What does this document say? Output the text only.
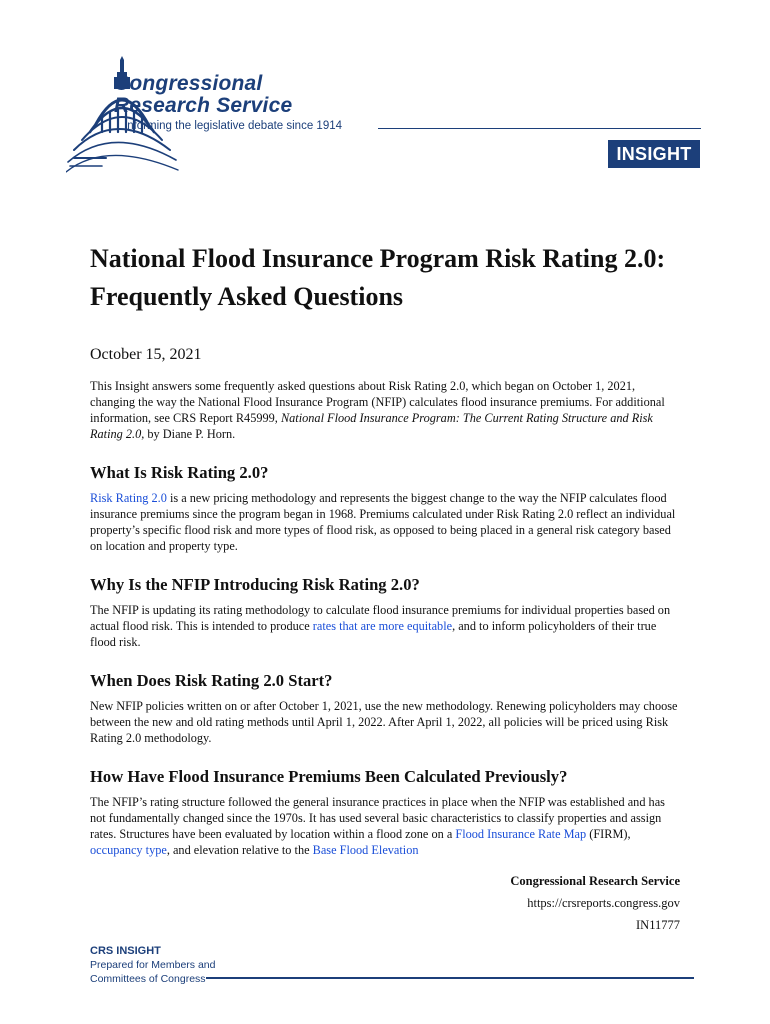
Congressional
Research Service
Informing the legislative debate since 1914
INSIGHT
National Flood Insurance Program Risk Rating 2.0: Frequently Asked Questions
October 15, 2021

This Insight answers some frequently asked questions about Risk Rating 2.0, which began on October 1, 2021, changing the way the National Flood Insurance Program (NFIP) calculates flood insurance premiums. For additional information, see CRS Report R45999, National Flood Insurance Program: The Current Rating Structure and Risk Rating 2.0, by Diane P. Horn.

What Is Risk Rating 2.0?

Risk Rating 2.0 is a new pricing methodology and represents the biggest change to the way the NFIP calculates flood insurance premiums since the program began in 1968. Premiums calculated under Risk Rating 2.0 reflect an individual property’s specific flood risk and more types of flood risk, as opposed to being placed in a general risk category based on location and property type.

Why Is the NFIP Introducing Risk Rating 2.0?

The NFIP is updating its rating methodology to calculate flood insurance premiums for individual properties based on actual flood risk. This is intended to produce rates that are more equitable, and to inform policyholders of their true flood risk.

When Does Risk Rating 2.0 Start?

New NFIP policies written on or after October 1, 2021, use the new methodology. Renewing policyholders may choose between the new and old rating methods until April 1, 2022. After April 1, 2022, all policies will be priced using Risk Rating 2.0 methodology.

How Have Flood Insurance Premiums Been Calculated Previously?

The NFIP’s rating structure followed the general insurance practices in place when the NFIP was established and has not fundamentally changed since the 1970s. It has used several basic characteristics to classify properties and assign rates. Structures have been evaluated by location within a flood zone on a Flood Insurance Rate Map (FIRM), occupancy type, and elevation relative to the Base Flood Elevation

Congressional Research Service
https://crsreports.congress.gov
IN11777
CRS INSIGHT
Prepared for Members and
Committees of Congress
